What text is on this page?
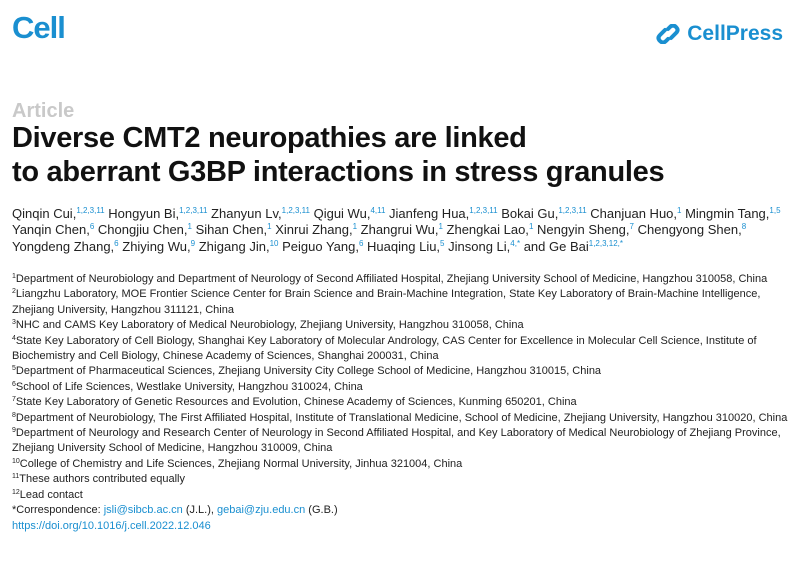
Cell	CellPress
Article
Diverse CMT2 neuropathies are linked
to aberrant G3BP interactions in stress granules
Qinqin Cui,$^{1,2,3,11}$ Hongyun Bi,$^{1,2,3,11}$ Zhanyun Lv,$^{1,2,3,11}$ Qigui Wu,$^{4,11}$ Jianfeng Hua,$^{1,2,3,11}$ Bokai Gu,$^{1,2,3,11}$ Chanjuan Huo,$^1$ Mingmin Tang,$^{1,5}$ Yanqin Chen,$^6$ Chongjiu Chen,$^1$ Sihan Chen,$^1$ Xinrui Zhang,$^1$ Zhangrui Wu,$^1$ Zhengkai Lao,$^1$ Nengyin Sheng,$^7$ Chengyong Shen,$^8$ Yongdeng Zhang,$^6$ Zhiying Wu,$^9$ Zhigang Jin,$^{10}$ Peiguo Yang,$^6$ Huaqing Liu,$^5$ Jinsong Li,$^{4,*}$ and Ge Bai$^{1,2,3,12,*}$

$^1$Department of Neurobiology and Department of Neurology of Second Affiliated Hospital, Zhejiang University School of Medicine, Hangzhou 310058, China

$^2$Liangzhu Laboratory, MOE Frontier Science Center for Brain Science and Brain-Machine Integration, State Key Laboratory of Brain-Machine Intelligence, Zhejiang University, Hangzhou 311121, China

$^3$NHC and CAMS Key Laboratory of Medical Neurobiology, Zhejiang University, Hangzhou 310058, China

$^4$State Key Laboratory of Cell Biology, Shanghai Key Laboratory of Molecular Andrology, CAS Center for Excellence in Molecular Cell Science, Institute of Biochemistry and Cell Biology, Chinese Academy of Sciences, Shanghai 200031, China

$^5$Department of Pharmaceutical Sciences, Zhejiang University City College School of Medicine, Hangzhou 310015, China

$^6$School of Life Sciences, Westlake University, Hangzhou 310024, China

$^7$State Key Laboratory of Genetic Resources and Evolution, Chinese Academy of Sciences, Kunming 650201, China

$^8$Department of Neurobiology, The First Affiliated Hospital, Institute of Translational Medicine, School of Medicine, Zhejiang University, Hangzhou 310020, China

$^9$Department of Neurology and Research Center of Neurology in Second Affiliated Hospital, and Key Laboratory of Medical Neurobiology of Zhejiang Province, Zhejiang University School of Medicine, Hangzhou 310009, China

$^{10}$College of Chemistry and Life Sciences, Zhejiang Normal University, Jinhua 321004, China

$^{11}$These authors contributed equally

$^{12}$Lead contact

*Correspondence: jsli@sibcb.ac.cn (J.L.), gebai@zju.edu.cn (G.B.)

https://doi.org/10.1016/j.cell.2022.12.046
